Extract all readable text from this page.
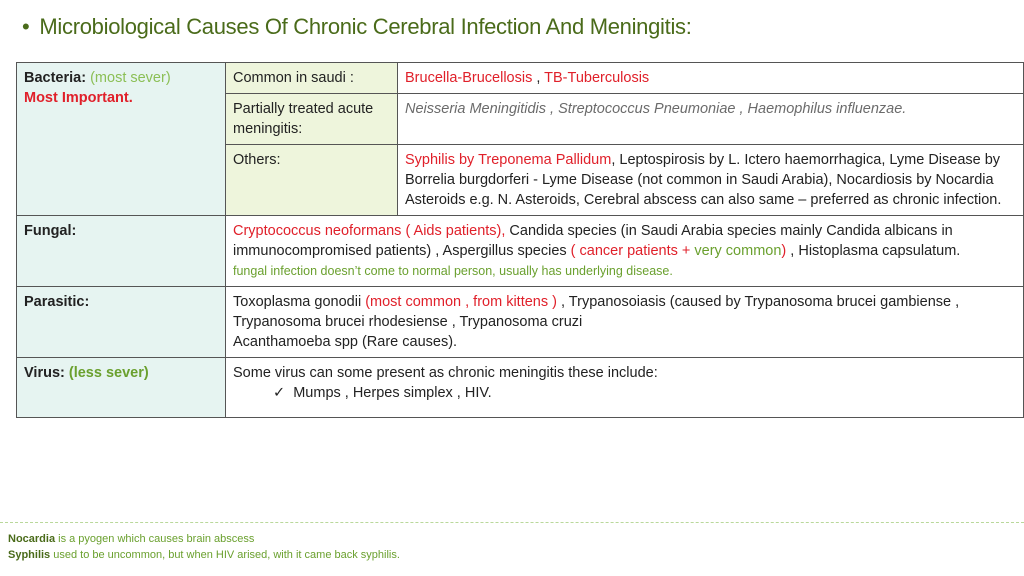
• Microbiological Causes Of Chronic Cerebral Infection And Meningitis:
Bacteria: (most sever)
Most Important.	Common in saudi :	Brucella-Brucellosis , TB-Tuberculosis
	Partially treated acute meningitis:	Neisseria Meningitidis , Streptococcus Pneumoniae , Haemophilus influenzae.
	Others:	Syphilis by Treponema Pallidum, Leptospirosis by L. Ictero haemorrhagica, Lyme Disease by Borrelia burgdorferi - Lyme Disease (not common in Saudi Arabia), Nocardiosis by Nocardia Asteroids e.g. N. Asteroids, Cerebral abscess can also same – preferred as chronic infection.
Fungal:	Cryptococcus neoformans ( Aids patients), Candida species (in Saudi Arabia species mainly Candida albicans in immunocompromised patients) , Aspergillus species ( cancer patients + very common) , Histoplasma capsulatum.
fungal infection doesn’t come to normal person, usually has underlying disease.	
Parasitic:	Toxoplasma gonodii (most common , from kittens ) , Trypanosoiasis (caused by Trypanosoma brucei gambiense ,
Trypanosoma brucei rhodesiense , Trypanosoma cruzi
Acanthamoeba spp (Rare causes).	
Virus: (less sever)	Some virus can some present as chronic meningitis these include:
✓ Mumps , Herpes simplex , HIV.	
Nocardia is a pyogen which causes brain abscess
Syphilis used to be uncommon, but when HIV arised, with it came back syphilis.
